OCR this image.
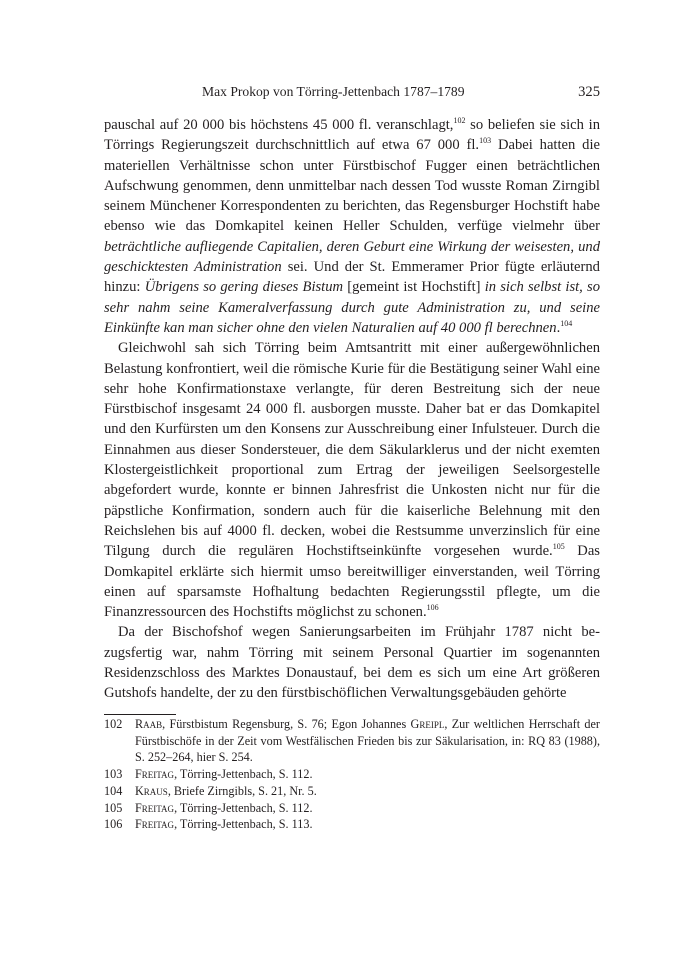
Max Prokop von Törring-Jettenbach 1787–1789	325

pauschal auf 20 000 bis höchstens 45 000 fl. veranschlagt,$^{102}$ so beliefen sie sich in Törrings Regierungszeit durchschnittlich auf etwa 67 000 fl.$^{103}$ Dabei hatten die materiellen Verhältnisse schon unter Fürstbischof Fugger einen beträchtlichen Aufschwung genommen, denn unmittelbar nach dessen Tod wusste Roman Zirngibl seinem Münchener Korrespondenten zu berichten, das Regensburger Hochstift habe ebenso wie das Domkapitel keinen Heller Schulden, verfüge vielmehr über beträchtliche aufliegende Capitalien, deren Geburt eine Wirkung der weisesten, und geschicktesten Administration sei. Und der St. Emmeramer Prior fügte erläuternd hinzu: Übrigens so gering dieses Bistum [gemeint ist Hochstift] in sich selbst ist, so sehr nahm seine Kameralverfassung durch gute Administration zu, und seine Einkünfte kan man sicher ohne den vielen Naturalien auf 40 000 fl berechnen.$^{104}$

Gleichwohl sah sich Törring beim Amtsantritt mit einer außergewöhnlichen Belastung konfrontiert, weil die römische Kurie für die Bestätigung seiner Wahl eine sehr hohe Konfirmationstaxe verlangte, für deren Bestreitung sich der neue Fürstbischof insgesamt 24 000 fl. ausborgen musste. Daher bat er das Domkapitel und den Kurfürsten um den Konsens zur Ausschreibung einer Infulsteuer. Durch die Einnahmen aus dieser Sondersteuer, die dem Säkularklerus und der nicht exemten Klostergeistlichkeit proportional zum Ertrag der jeweiligen Seelsorgestelle abgefordert wurde, konnte er binnen Jahresfrist die Unkosten nicht nur für die päpstliche Konfirmation, sondern auch für die kaiserliche Belehnung mit den Reichslehen bis auf 4000 fl. decken, wobei die Restsumme unverzinslich für eine Tilgung durch die regulären Hochstiftseinkünfte vorgesehen wurde.$^{105}$ Das Domkapitel erklärte sich hiermit umso bereitwilliger einverstanden, weil Törring einen auf sparsamste Hofhaltung bedachten Regierungsstil pflegte, um die Finanzressourcen des Hochstifts möglichst zu schonen.$^{106}$

Da der Bischofshof wegen Sanierungsarbeiten im Frühjahr 1787 nicht bezugsfertig war, nahm Törring mit seinem Personal Quartier im sogenannten Residenzschloss des Marktes Donaustauf, bei dem es sich um eine Art größeren Gutshofs handelte, der zu den fürstbischöflichen Verwaltungsgebäuden gehörte

102 Raab, Fürstbistum Regensburg, S. 76; Egon Johannes Greipl, Zur weltlichen Herrschaft der Fürstbischöfe in der Zeit vom Westfälischen Frieden bis zur Säkularisation, in: RQ 83 (1988), S. 252–264, hier S. 254.
103 Freitag, Törring-Jettenbach, S. 112.
104 Kraus, Briefe Zirngibls, S. 21, Nr. 5.
105 Freitag, Törring-Jettenbach, S. 112.
106 Freitag, Törring-Jettenbach, S. 113.
